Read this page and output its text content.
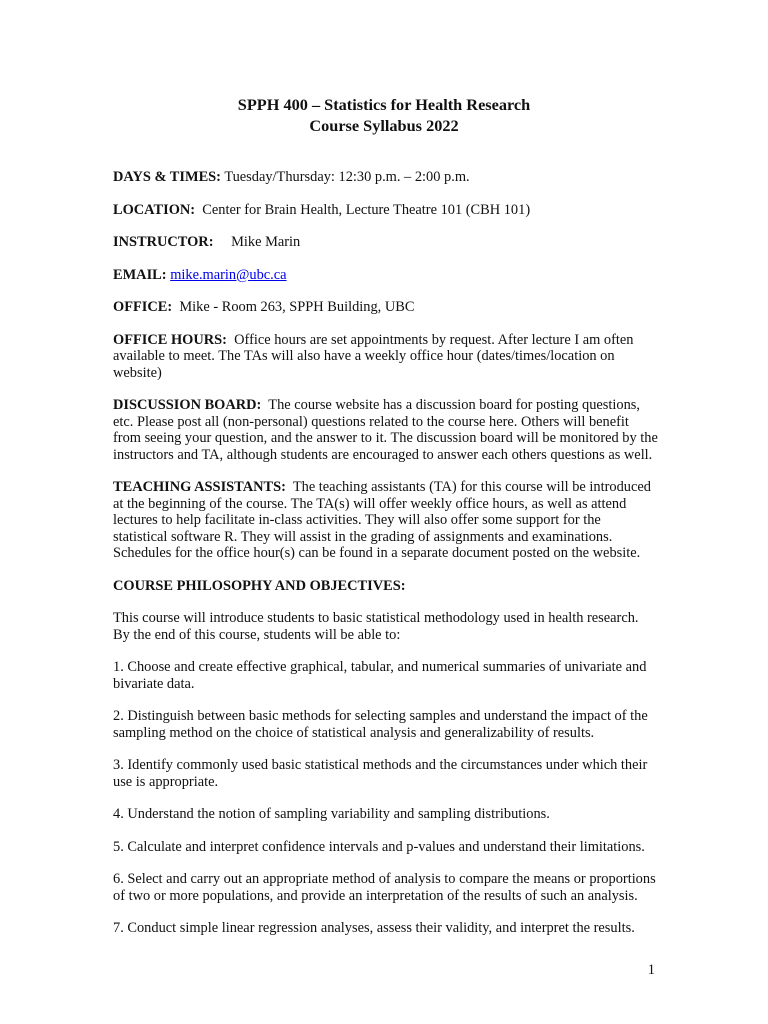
SPPH 400 – Statistics for Health Research
Course Syllabus 2022

DAYS & TIMES: Tuesday/Thursday: 12:30 p.m. – 2:00 p.m.

LOCATION: Center for Brain Health, Lecture Theatre 101 (CBH 101)

INSTRUCTOR: Mike Marin

EMAIL: mike.marin@ubc.ca

OFFICE: Mike - Room 263, SPPH Building, UBC

OFFICE HOURS: Office hours are set appointments by request. After lecture I am often available to meet. The TAs will also have a weekly office hour (dates/times/location on website)

DISCUSSION BOARD: The course website has a discussion board for posting questions, etc. Please post all (non-personal) questions related to the course here. Others will benefit from seeing your question, and the answer to it. The discussion board will be monitored by the instructors and TA, although students are encouraged to answer each others questions as well.

TEACHING ASSISTANTS: The teaching assistants (TA) for this course will be introduced at the beginning of the course. The TA(s) will offer weekly office hours, as well as attend lectures to help facilitate in-class activities. They will also offer some support for the statistical software R. They will assist in the grading of assignments and examinations. Schedules for the office hour(s) can be found in a separate document posted on the website.

COURSE PHILOSOPHY AND OBJECTIVES:

This course will introduce students to basic statistical methodology used in health research. By the end of this course, students will be able to:

1. Choose and create effective graphical, tabular, and numerical summaries of univariate and bivariate data.

2. Distinguish between basic methods for selecting samples and understand the impact of the sampling method on the choice of statistical analysis and generalizability of results.

3. Identify commonly used basic statistical methods and the circumstances under which their use is appropriate.

4. Understand the notion of sampling variability and sampling distributions.

5. Calculate and interpret confidence intervals and p-values and understand their limitations.

6. Select and carry out an appropriate method of analysis to compare the means or proportions of two or more populations, and provide an interpretation of the results of such an analysis.

7. Conduct simple linear regression analyses, assess their validity, and interpret the results.

1
